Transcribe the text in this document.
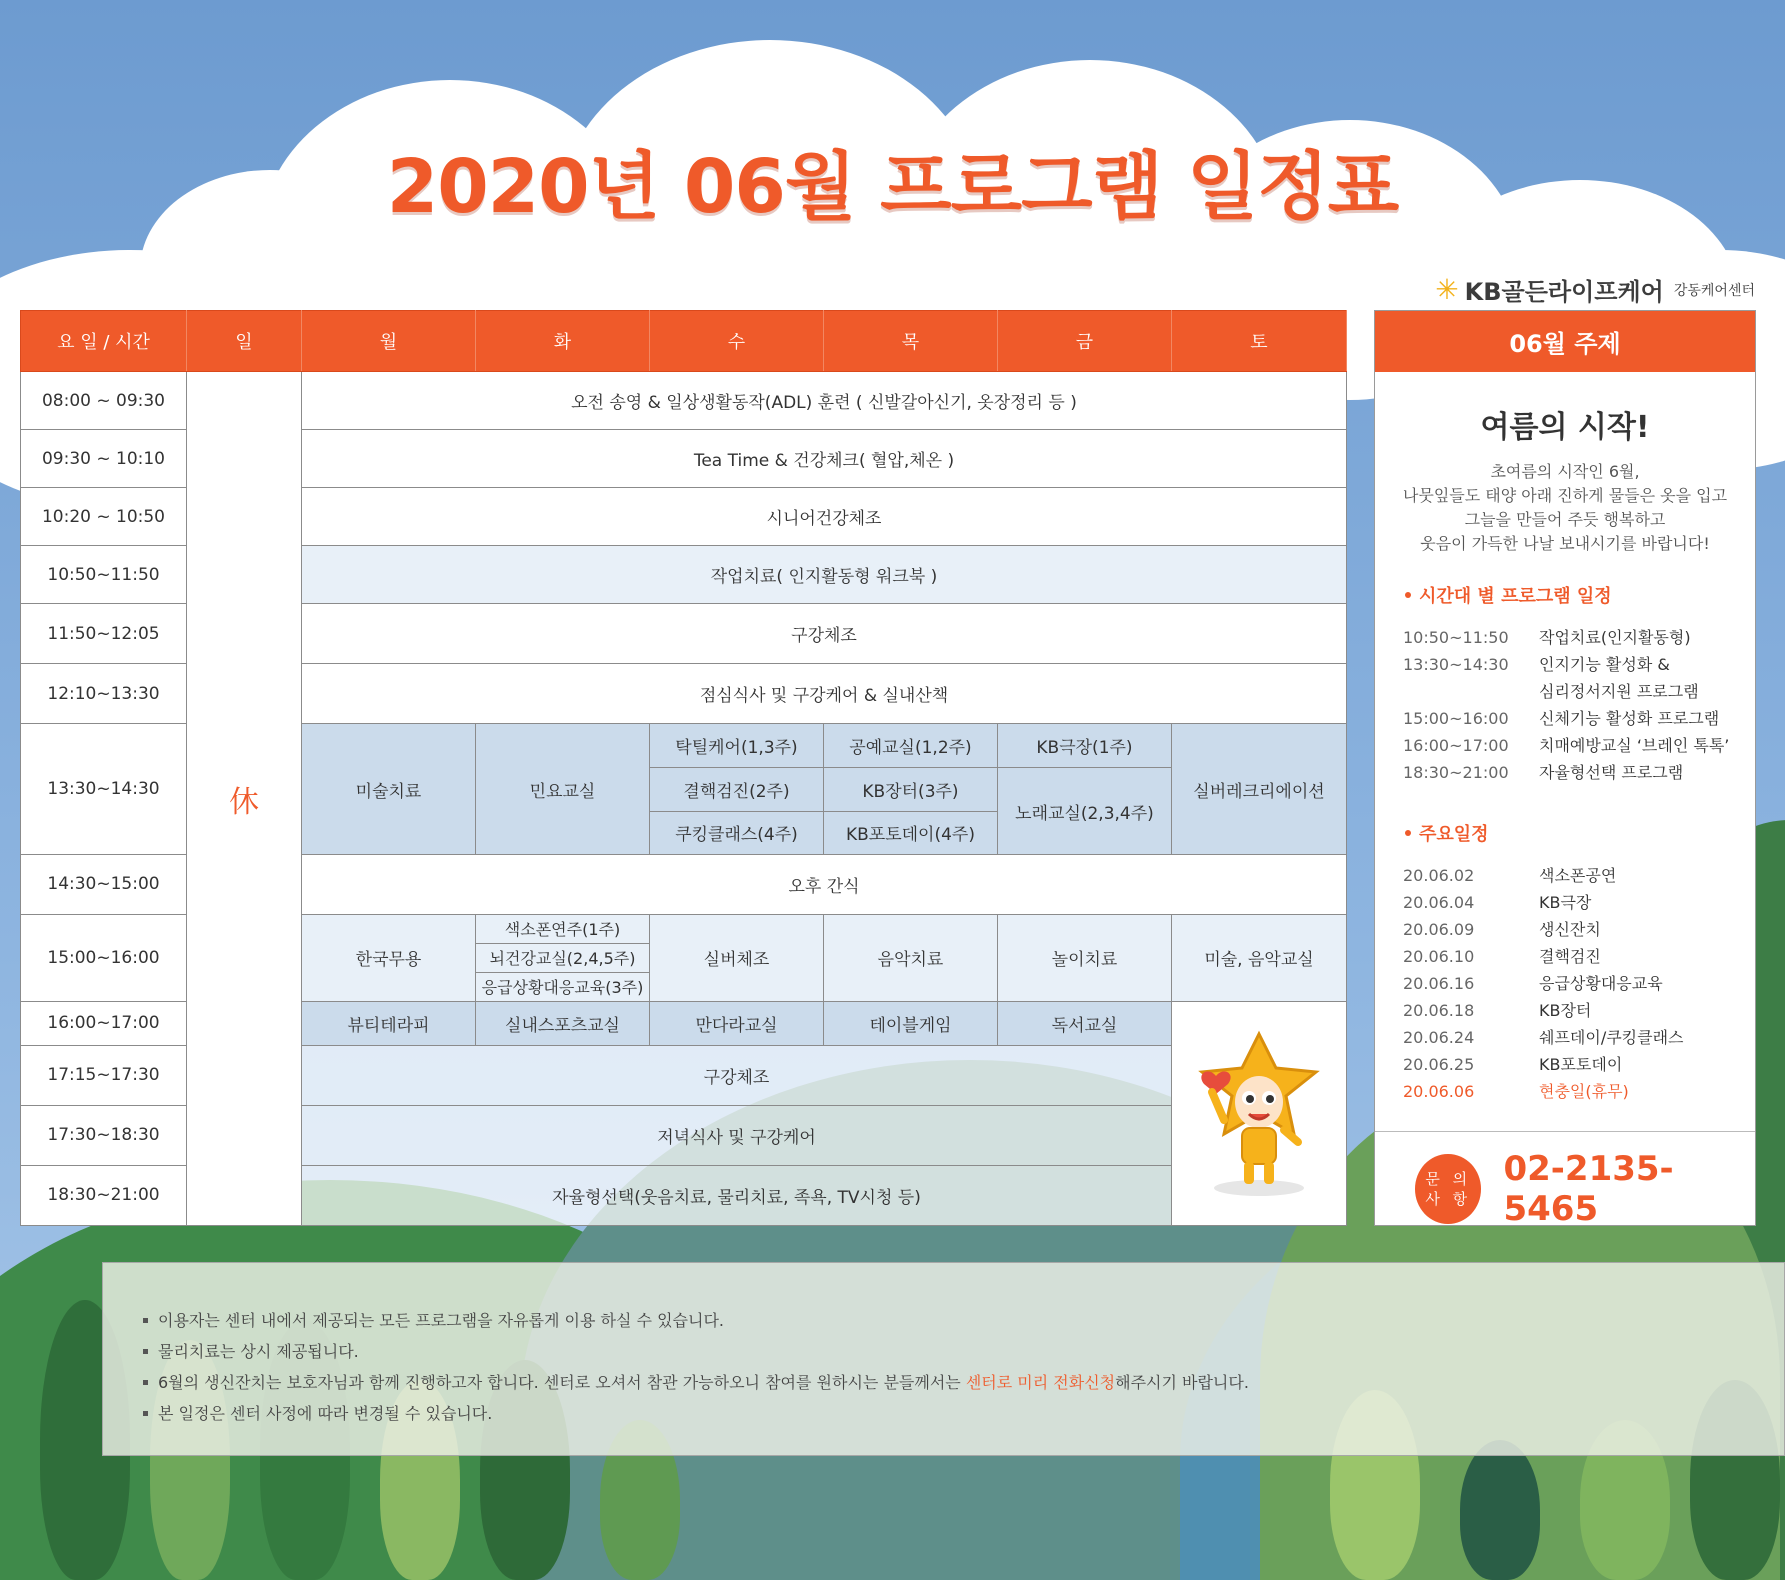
2020년 06월 프로그램 일정표
✳ KB골든라이프케어 강동케어센터
요 일 / 시간	일	월	화	수	목	금	토
08:00 ~ 09:30	休	오전 송영 & 일상생활동작(ADL) 훈련 ( 신발갈아신기, 옷장정리 등 )					
09:30 ~ 10:10		Tea Time & 건강체크( 혈압,체온 )					
10:20 ~ 10:50		시니어건강체조					
10:50~11:50		작업치료( 인지활동형 워크북 )					
11:50~12:05		구강체조					
12:10~13:30		점심식사 및 구강케어 & 실내산책					
13:30~14:30		미술치료	민요교실	탁틸케어(1,3주)	공예교실(1,2주)	KB극장(1주)	실버레크리에이션
				결핵검진(2주)	KB장터(3주)	노래교실(2,3,4주)	
				쿠킹클래스(4주)	KB포토데이(4주)		
14:30~15:00		오후 간식					
15:00~16:00		한국무용	색소폰연주(1주)	실버체조	음악치료	놀이치료	미술, 음악교실
			뇌건강교실(2,4,5주)				
			응급상황대응교육(3주)				
16:00~17:00		뷰티테라피	실내스포츠교실	만다라교실	테이블게임	독서교실	

17:15~17:30		구강체조					
17:30~18:30		저녁식사 및 구강케어					
18:30~21:00		자율형선택(웃음치료, 물리치료, 족욕, TV시청 등)					
06월 주제
여름의 시작!
초여름의 시작인 6월,
나뭇잎들도 태양 아래 진하게 물들은 옷을 입고
그늘을 만들어 주듯 행복하고
웃음이 가득한 나날 보내시기를 바랍니다!
시간대 별 프로그램 일정
10:50~11:50	작업치료(인지활동형)
13:30~14:30	인지기능 활성화 &
심리정서지원 프로그램
15:00~16:00	신체기능 활성화 프로그램
16:00~17:00	치매예방교실 ‘브레인 톡톡’
18:30~21:00	자율형선택 프로그램
주요일정
20.06.02	색소폰공연
20.06.04	KB극장
20.06.09	생신잔치
20.06.10	결핵검진
20.06.16	응급상황대응교육
20.06.18	KB장터
20.06.24	쉐프데이/쿠킹클래스
20.06.25	KB포토데이
20.06.06	현충일(휴무)
문 의
사 항
02-2135-5465
이용자는 센터 내에서 제공되는 모든 프로그램을 자유롭게 이용 하실 수 있습니다.
물리치료는 상시 제공됩니다.
6월의 생신잔치는 보호자님과 함께 진행하고자 합니다. 센터로 오셔서 참관 가능하오니 참여를 원하시는 분들께서는 센터로 미리 전화신청해주시기 바랍니다.
본 일정은 센터 사정에 따라 변경될 수 있습니다.
